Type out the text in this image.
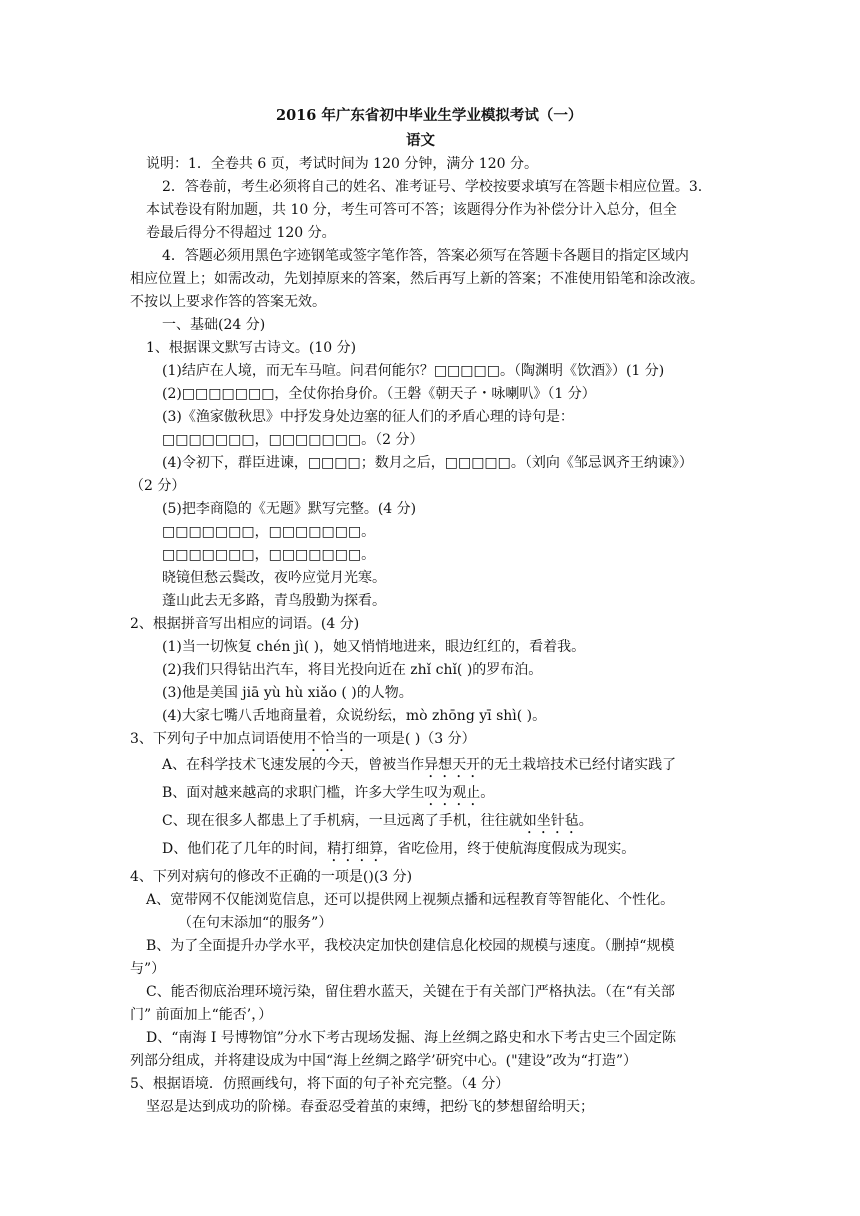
2016 年广东省初中毕业生学业模拟考试（一）
语文
说明：1．全卷共 6 页，考试时间为 120 分钟，满分 120 分。
2．答卷前，考生必须将自己的姓名、准考证号、学校按要求填写在答题卡相应位置。3.
本试卷设有附加题，共 10 分，考生可答可不答；该题得分作为补偿分计入总分，但全
卷最后得分不得超过 120 分。
4．答题必须用黑色字迹钢笔或签字笔作答，答案必须写在答题卡各题目的指定区域内
相应位置上；如需改动，先划掉原来的答案，然后再写上新的答案；不准使用铅笔和涂改液。
不按以上要求作答的答案无效。
一、基础(24 分)
1、根据课文默写古诗文。(10 分)
(1)结庐在人境，而无车马喧。问君何能尔？□□□□□。（陶渊明《饮酒》）(1 分)
(2)□□□□□□□，全仗你抬身价。（王磐《朝天子・咏喇叭》（1 分）
(3)《渔家傲秋思》中抒发身处边塞的征人们的矛盾心理的诗句是：
□□□□□□□，□□□□□□□。（2 分）
(4)令初下，群臣进谏，□□□□；数月之后，□□□□□。（刘向《邹忌讽齐王纳谏》）
（2 分）
(5)把李商隐的《无题》默写完整。(4 分)
□□□□□□□，□□□□□□□。
□□□□□□□，□□□□□□□。
晓镜但愁云鬓改，夜吟应觉月光寒。
蓬山此去无多路，青鸟殷勤为探看。
2、根据拼音写出相应的词语。(4 分)
(1)当一切恢复 chén jì( )，她又悄悄地进来，眼边红红的，看着我。
(2)我们只得钻出汽车，将目光投向近在 zhǐ chǐ( )的罗布泊。
(3)他是美国 jiā yù hù xiǎo ( )的人物。
(4)大家七嘴八舌地商量着，众说纷纭，mò zhōng yī shì( )。
3、下列句子中加点词语使用不恰当的一项是( )（3 分）
A、在科学技术飞速发展的今天，曾被当作异想天开的无土栽培技术已经付诸实践了
B、面对越来越高的求职门槛，许多大学生叹为观止。
C、现在很多人都患上了手机病，一旦远离了手机，往往就如坐针毡。
D、他们花了几年的时间，精打细算，省吃俭用，终于使航海度假成为现实。
4、下列对病句的修改不正确的一项是()(3 分)
A、宽带网不仅能浏览信息，还可以提供网上视频点播和远程教育等智能化、个性化。
（在句末添加“的服务”）
B、为了全面提升办学水平，我校决定加快创建信息化校园的规模与速度。（删掉“规模
与”）
C、能否彻底治理环境污染，留住碧水蓝天，关键在于有关部门严格执法。（在“有关部
门” 前面加上“能否’，）
D、“南海 I 号博物馆”分水下考古现场发掘、海上丝绸之路史和水下考古史三个固定陈
列部分组成，并将建设成为中国“海上丝绸之路学’研究中心。("建设”改为“打造”）
5、根据语境．仿照画线句，将下面的句子补充完整。（4 分）
坚忍是达到成功的阶梯。春蚕忍受着茧的束缚，把纷飞的梦想留给明天；
